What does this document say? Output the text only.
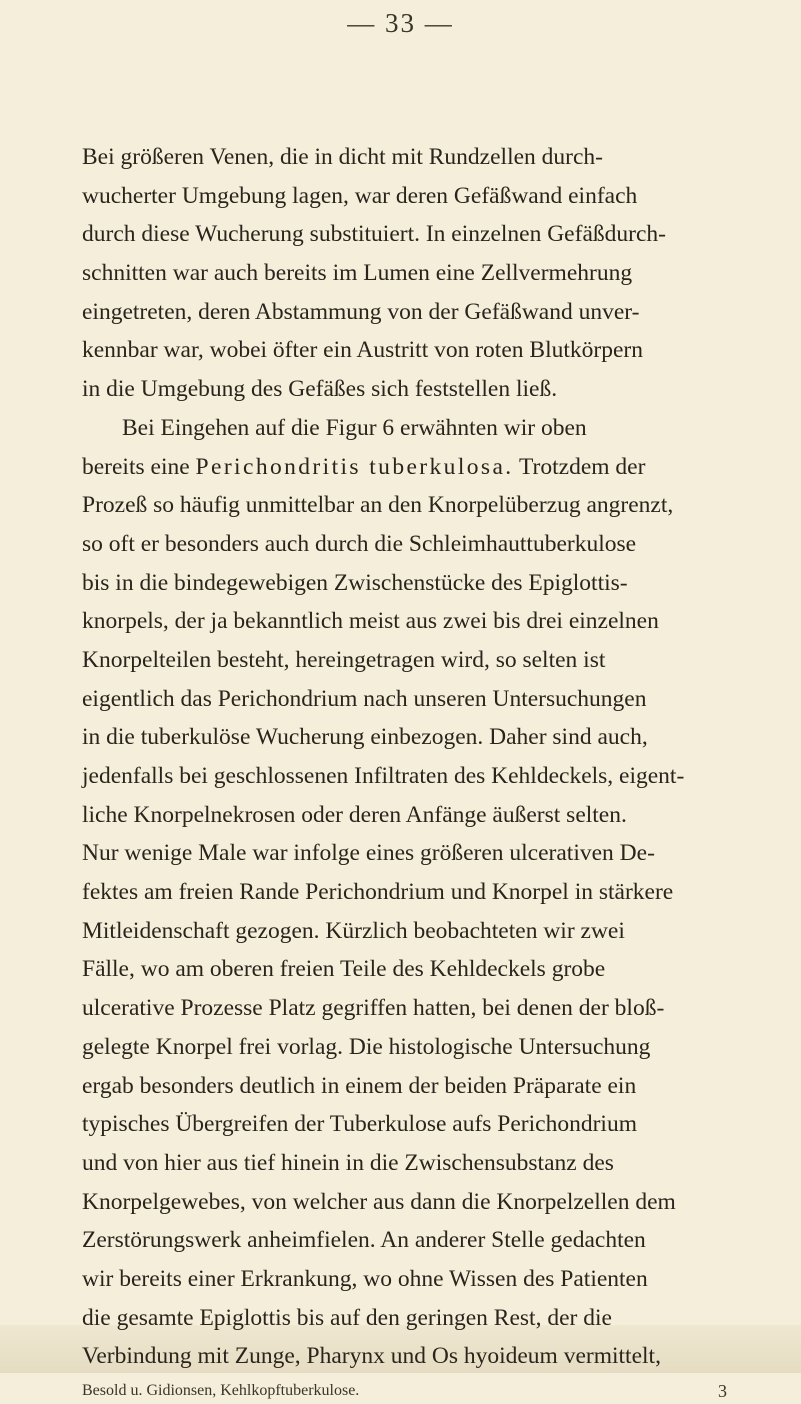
— 33 —
Bei größeren Venen, die in dicht mit Rundzellen durch-
wucherter Umgebung lagen, war deren Gefäßwand einfach
durch diese Wucherung substituiert. In einzelnen Gefäßdurch-
schnitten war auch bereits im Lumen eine Zellvermehrung
eingetreten, deren Abstammung von der Gefäßwand unver-
kennbar war, wobei öfter ein Austritt von roten Blutkörpern
in die Umgebung des Gefäßes sich feststellen ließ.
Bei Eingehen auf die Figur 6 erwähnten wir oben
bereits eine Perichondritis tuberkulosa. Trotzdem der
Prozeß so häufig unmittelbar an den Knorpelüberzug angrenzt,
so oft er besonders auch durch die Schleimhauttuberkulose
bis in die bindegewebigen Zwischenstücke des Epiglottis-
knorpels, der ja bekanntlich meist aus zwei bis drei einzelnen
Knorpelteilen besteht, hereingetragen wird, so selten ist
eigentlich das Perichondrium nach unseren Untersuchungen
in die tuberkulöse Wucherung einbezogen. Daher sind auch,
jedenfalls bei geschlossenen Infiltraten des Kehldeckels, eigent-
liche Knorpelnekrosen oder deren Anfänge äußerst selten.
Nur wenige Male war infolge eines größeren ulcerativen De-
fektes am freien Rande Perichondrium und Knorpel in stärkere
Mitleidenschaft gezogen. Kürzlich beobachteten wir zwei
Fälle, wo am oberen freien Teile des Kehldeckels grobe
ulcerative Prozesse Platz gegriffen hatten, bei denen der bloß-
gelegte Knorpel frei vorlag. Die histologische Untersuchung
ergab besonders deutlich in einem der beiden Präparate ein
typisches Übergreifen der Tuberkulose aufs Perichondrium
und von hier aus tief hinein in die Zwischensubstanz des
Knorpelgewebes, von welcher aus dann die Knorpelzellen dem
Zerstörungswerk anheimfielen. An anderer Stelle gedachten
wir bereits einer Erkrankung, wo ohne Wissen des Patienten
die gesamte Epiglottis bis auf den geringen Rest, der die
Verbindung mit Zunge, Pharynx und Os hyoideum vermittelt,
Besold u. Gidionsen, Kehlkopftuberkulose.	3
